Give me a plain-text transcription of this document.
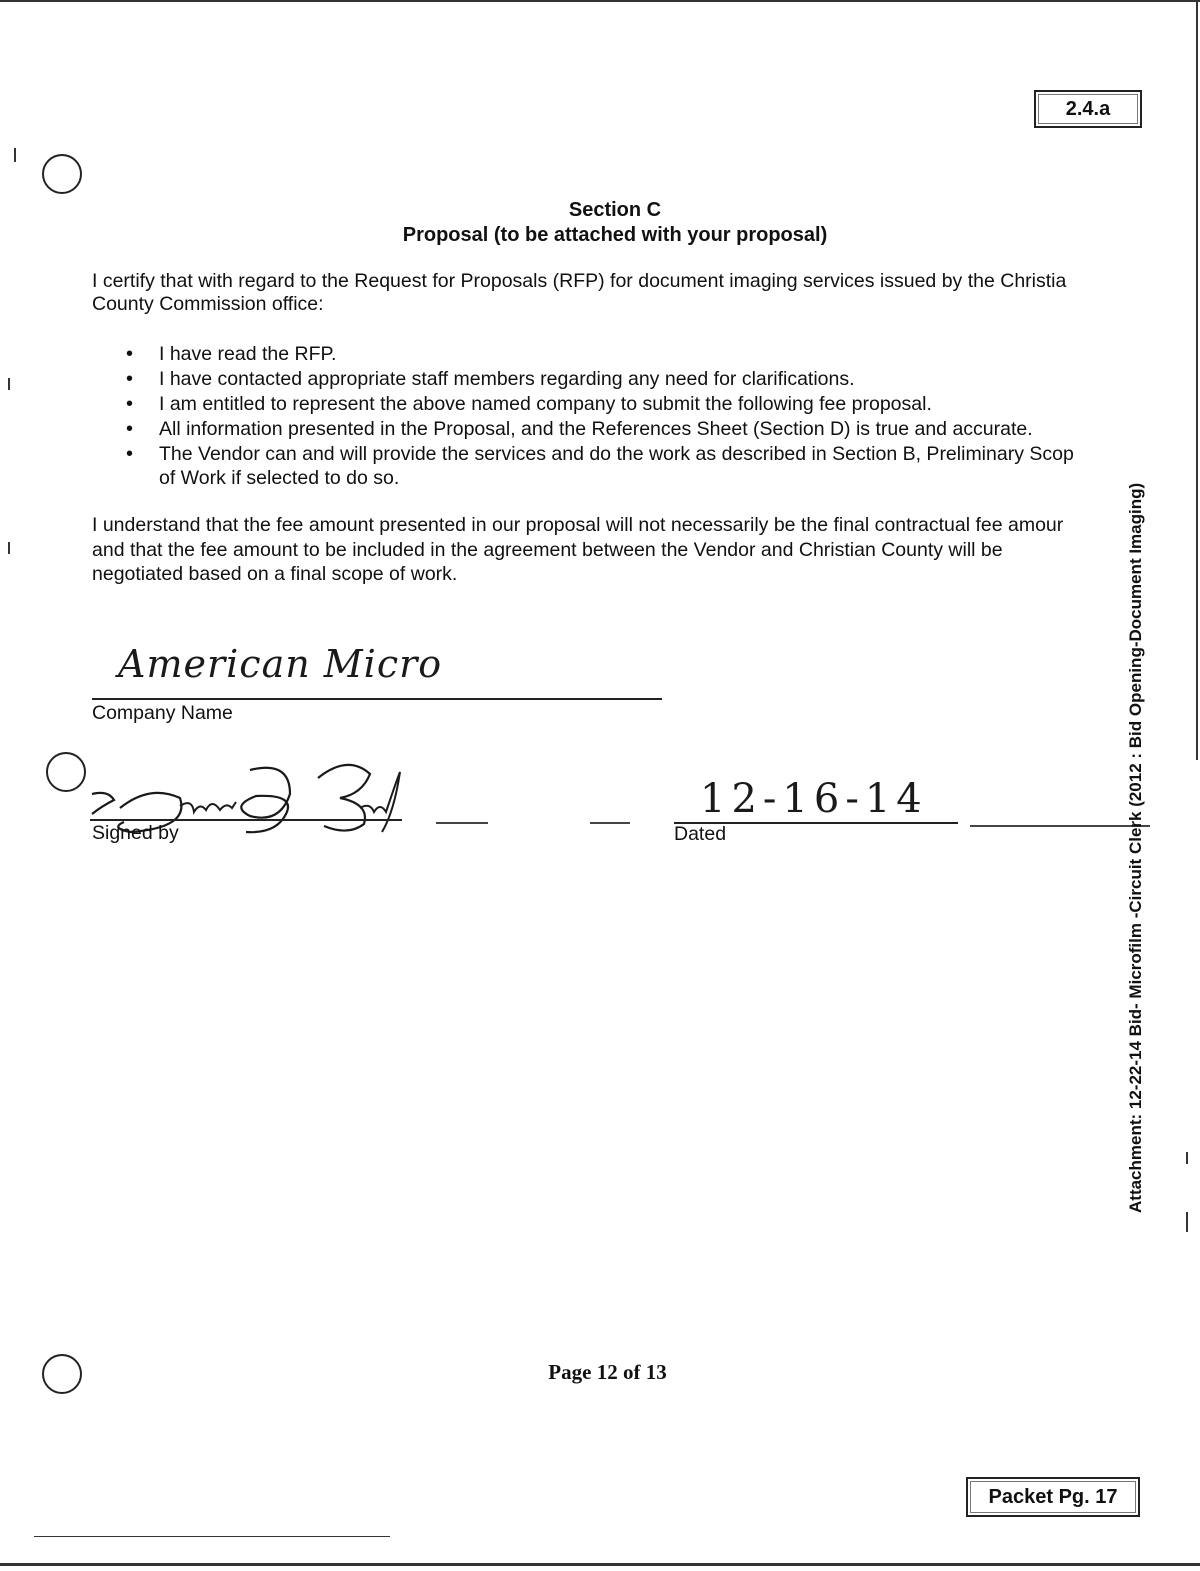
2.4.a
Section C
Proposal (to be attached with your proposal)
I certify that with regard to the Request for Proposals (RFP) for document imaging services issued by the Christia
County Commission office:
• I have read the RFP.
• I have contacted appropriate staff members regarding any need for clarifications.
• I am entitled to represent the above named company to submit the following fee proposal.
• All information presented in the Proposal, and the References Sheet (Section D) is true and accurate.
• The Vendor can and will provide the services and do the work as described in Section B, Preliminary Scop
of Work if selected to do so.
I understand that the fee amount presented in our proposal will not necessarily be the final contractual fee amour
and that the fee amount to be included in the agreement between the Vendor and Christian County will be
negotiated based on a final scope of work.
American Micro
Company Name
Signed by
12-16-14
Dated
Page 12 of 13
Packet Pg. 17
Attachment: 12-22-14 Bid- Microfilm -Circuit Clerk (2012 : Bid Opening-Document Imaging)
